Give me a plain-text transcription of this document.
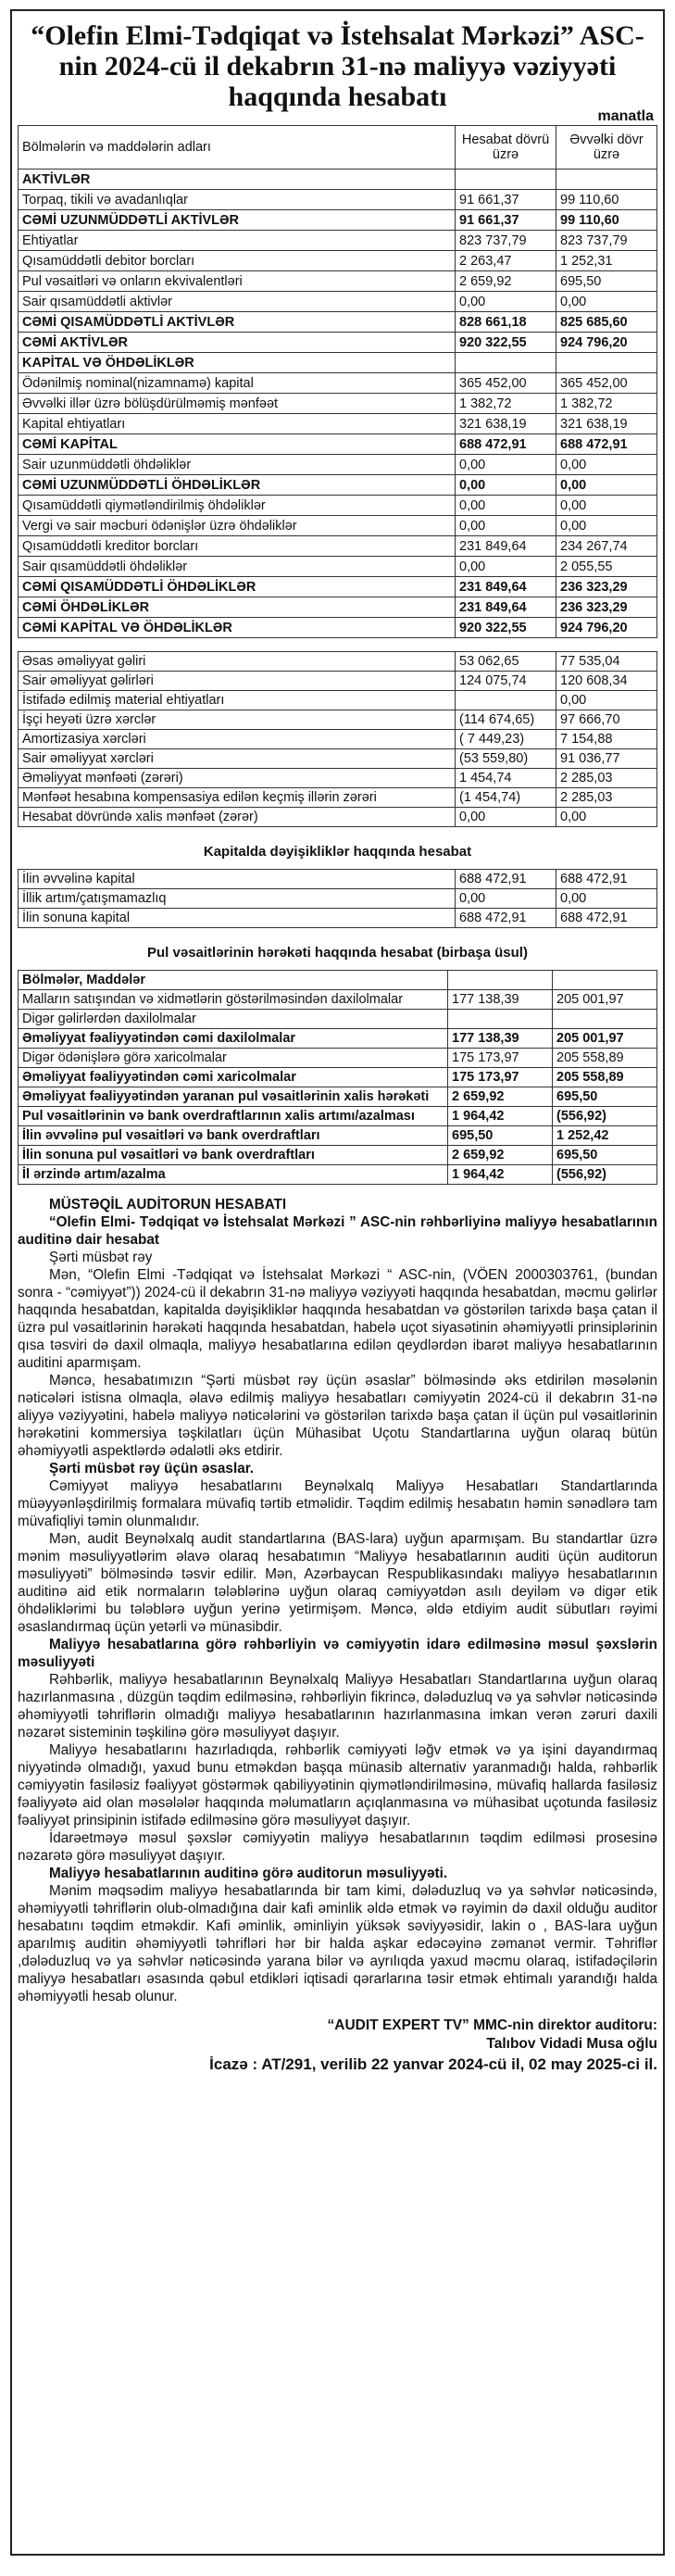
“Olefin Elmi-Tədqiqat və İstehsalat Mərkəzi” ASC-nin 2024-cü il dekabrın 31-nə maliyyə vəziyyəti haqqında hesabatı
manatla
Bölmələrin və maddələrin adları	Hesabat dövrü üzrə	Əvvəlki dövr üzrə
AKTİVLƏR		
Torpaq, tikili və avadanlıqlar	91 661,37	99 110,60
CƏMİ UZUNMÜDDƏTLİ AKTİVLƏR	91 661,37	99 110,60
Ehtiyatlar	823 737,79	823 737,79
Qısamüddətli debitor borcları	2 263,47	1 252,31
Pul vəsaitləri və onların ekvivalentləri	2 659,92	695,50
Sair qısamüddətli aktivlər	0,00	0,00
CƏMİ QISAMÜDDƏTLİ AKTİVLƏR	828 661,18	825 685,60
CƏMİ AKTİVLƏR	920 322,55	924 796,20
KAPİTAL VƏ ÖHDƏLİKLƏR		
Ödənilmiş nominal(nizamnamə) kapital	365 452,00	365 452,00
Əvvəlki illər üzrə bölüşdürülməmiş mənfəət	1 382,72	1 382,72
Kapital ehtiyatları	321 638,19	321 638,19
CƏMİ KAPİTAL	688 472,91	688 472,91
Sair uzunmüddətli öhdəliklər	0,00	0,00
CƏMİ UZUNMÜDDƏTLİ ÖHDƏLİKLƏR	0,00	0,00
Qısamüddətli qiymətləndirilmiş öhdəliklər	0,00	0,00
Vergi və sair məcburi ödənişlər üzrə öhdəliklər	0,00	0,00
Qısamüddətli kreditor borcları	231 849,64	234 267,74
Sair qısamüddətli öhdəliklər	0,00	2 055,55
CƏMİ QISAMÜDDƏTLİ ÖHDƏLİKLƏR	231 849,64	236 323,29
CƏMİ ÖHDƏLİKLƏR	231 849,64	236 323,29
CƏMİ KAPİTAL VƏ ÖHDƏLİKLƏR	920 322,55	924 796,20
Əsas əməliyyat gəliri	53 062,65	77 535,04
Sair əməliyyat gəlirləri	124 075,74	120 608,34
İstifadə edilmiş material ehtiyatları		0,00
İşçi heyəti üzrə xərclər	(114 674,65)	97 666,70
Amortizasiya xərcləri	( 7 449,23)	7 154,88
Sair əməliyyat xərcləri	(53 559,80)	91 036,77
Əməliyyat mənfəəti (zərəri)	1 454,74	2 285,03
Mənfəət hesabına kompensasiya edilən keçmiş illərin zərəri	(1 454,74)	2 285,03
Hesabat dövründə xalis mənfəət (zərər)	0,00	0,00
Kapitalda dəyişikliklər haqqında hesabat
İlin əvvəlinə kapital	688 472,91	688 472,91
İllik artım/çatışmamazlıq	0,00	0,00
İlin sonuna kapital	688 472,91	688 472,91
Pul vəsaitlərinin hərəkəti haqqında hesabat (birbaşa üsul)
Bölmələr, Maddələr		
Malların satışından və xidmətlərin göstərilməsindən daxilolmalar	177 138,39	205 001,97
Digər gəlirlərdən daxilolmalar		
Əməliyyat fəaliyyətindən cəmi daxilolmalar	177 138,39	205 001,97
Digər ödənişlərə görə xaricolmalar	175 173,97	205 558,89
Əməliyyat fəaliyyətindən cəmi xaricolmalar	175 173,97	205 558,89
Əməliyyat fəaliyyətindən yaranan pul vəsaitlərinin xalis hərəkəti	2 659,92	695,50
Pul vəsaitlərinin və bank overdraftlarının xalis artımı/azalması	1 964,42	(556,92)
İlin əvvəlinə pul vəsaitləri və bank overdraftları	695,50	1 252,42
İlin sonuna pul vəsaitləri və bank overdraftları	2 659,92	695,50
İl ərzində artım/azalma	1 964,42	(556,92)

MÜSTƏQİL AUDİTORUN HESABATI

“Olefin Elmi- Tədqiqat və İstehsalat Mərkəzi ” ASC-nin rəhbərliyinə maliyyə hesabatlarının auditinə dair hesabat

Şərti müsbət rəy

Mən, “Olefin Elmi -Tədqiqat və İstehsalat Mərkəzi “ ASC-nin, (VÖEN 2000303761, (bundan sonra - “cəmiyyət”)) 2024-cü il dekabrın 31-nə maliyyə vəziyyəti haqqında hesabatdan, məcmu gəlirlər haqqında hesabatdan, kapitalda dəyişikliklər haqqında hesabatdan və göstərilən tarixdə başa çatan il üzrə pul vəsaitlərinin hərəkəti haqqında hesabatdan, habelə uçot siyasətinin əhəmiyyətli prinsiplərinin qısa təsviri də daxil olmaqla, maliyyə hesabatlarına edilən qeydlərdən ibarət maliyyə hesabatlarının auditini aparmışam.

Məncə, hesabatımızın “Şərti müsbət rəy üçün əsaslar” bölməsində əks etdirilən məsələnin nəticələri istisna olmaqla, əlavə edilmiş maliyyə hesabatları cəmiyyətin 2024-cü il dekabrın 31-nə aliyyə vəziyyətini, habelə maliyyə nəticələrini və göstərilən tarixdə başa çatan il üçün pul vəsaitlərinin hərəkətini kommersiya təşkilatları üçün Mühasibat Uçotu Standartlarına uyğun olaraq bütün əhəmiyyətli aspektlərdə ədalətli əks etdirir.

Şərti müsbət rəy üçün əsaslar.

Cəmiyyət maliyyə hesabatlarını Beynəlxalq Maliyyə Hesabatları Standartlarında müəyyənləşdirilmiş formalara müvafiq tərtib etməlidir. Təqdim edilmiş hesabatın həmin sənədlərə tam müvafiqliyi təmin olunmalıdır.

Mən, audit Beynəlxalq audit standartlarına (BAS-lara) uyğun aparmışam. Bu standartlar üzrə mənim məsuliyyətlərim əlavə olaraq hesabatımın “Maliyyə hesabatlarının auditi üçün auditorun məsuliyyəti” bölməsində təsvir edilir. Mən, Azərbaycan Respublikasındakı maliyyə hesabatlarının auditinə aid etik normaların tələblərinə uyğun olaraq cəmiyyətdən asılı deyiləm və digər etik öhdəliklərimi bu tələblərə uyğun yerinə yetirmişəm. Məncə, əldə etdiyim audit sübutları rəyimi əsaslandırmaq üçün yetərli və münasibdir.

Maliyyə hesabatlarına görə rəhbərliyin və cəmiyyətin idarə edilməsinə məsul şəxslərin məsuliyyəti

Rəhbərlik, maliyyə hesabatlarının Beynəlxalq Maliyyə Hesabatları Standartlarına uyğun olaraq hazırlanmasına , düzgün təqdim edilməsinə, rəhbərliyin fikrincə, dələduzluq və ya səhvlər nəticəsində əhəmiyyətli təhriflərin olmadığı maliyyə hesabatlarının hazırlanmasına imkan verən zəruri daxili nəzarət sisteminin təşkilinə görə məsuliyyət daşıyır.

Maliyyə hesabatlarını hazırladıqda, rəhbərlik cəmiyyəti ləğv etmək və ya işini dayandırmaq niyyətində olmadığı, yaxud bunu etməkdən başqa münasib alternativ yaranmadığı halda, rəhbərlik cəmiyyətin fasiləsiz fəaliyyət göstərmək qabiliyyətinin qiymətləndirilməsinə, müvafiq hallarda fasiləsiz fəaliyyətə aid olan məsələlər haqqında məlumatların açıqlanmasına və mühasibat uçotunda fasiləsiz fəaliyyət prinsipinin istifadə edilməsinə görə məsuliyyət daşıyır.

İdarəetməyə məsul şəxslər cəmiyyətin maliyyə hesabatlarının təqdim edilməsi prosesinə nəzarətə görə məsuliyyət daşıyır.

Maliyyə hesabatlarının auditinə görə auditorun məsuliyyəti.

Mənim məqsədim maliyyə hesabatlarında bir tam kimi, dələduzluq və ya səhvlər nəticəsində, əhəmiyyətli təhriflərin olub-olmadığına dair kafi əminlik əldə etmək və rəyimin də daxil olduğu auditor hesabatını təqdim etməkdir. Kafi əminlik, əminliyin yüksək səviyyəsidir, lakin o , BAS-lara uyğun aparılmış auditin əhəmiyyətli təhrifləri hər bir halda aşkar edəcəyinə zəmanət vermir. Təhriflər ,dələduzluq və ya səhvlər nəticəsində yarana bilər və ayrılıqda yaxud məcmu olaraq, istifadəçilərin maliyyə hesabatları əsasında qəbul etdikləri iqtisadi qərarlarına təsir etmək ehtimalı yarandığı halda əhəmiyyətli hesab olunur.

“AUDIT EXPERT TV” MMC-nin direktor auditoru:
Talıbov Vidadi Musa oğlu
İcazə : AT/291, verilib 22 yanvar 2024-cü il, 02 may 2025-ci il.
